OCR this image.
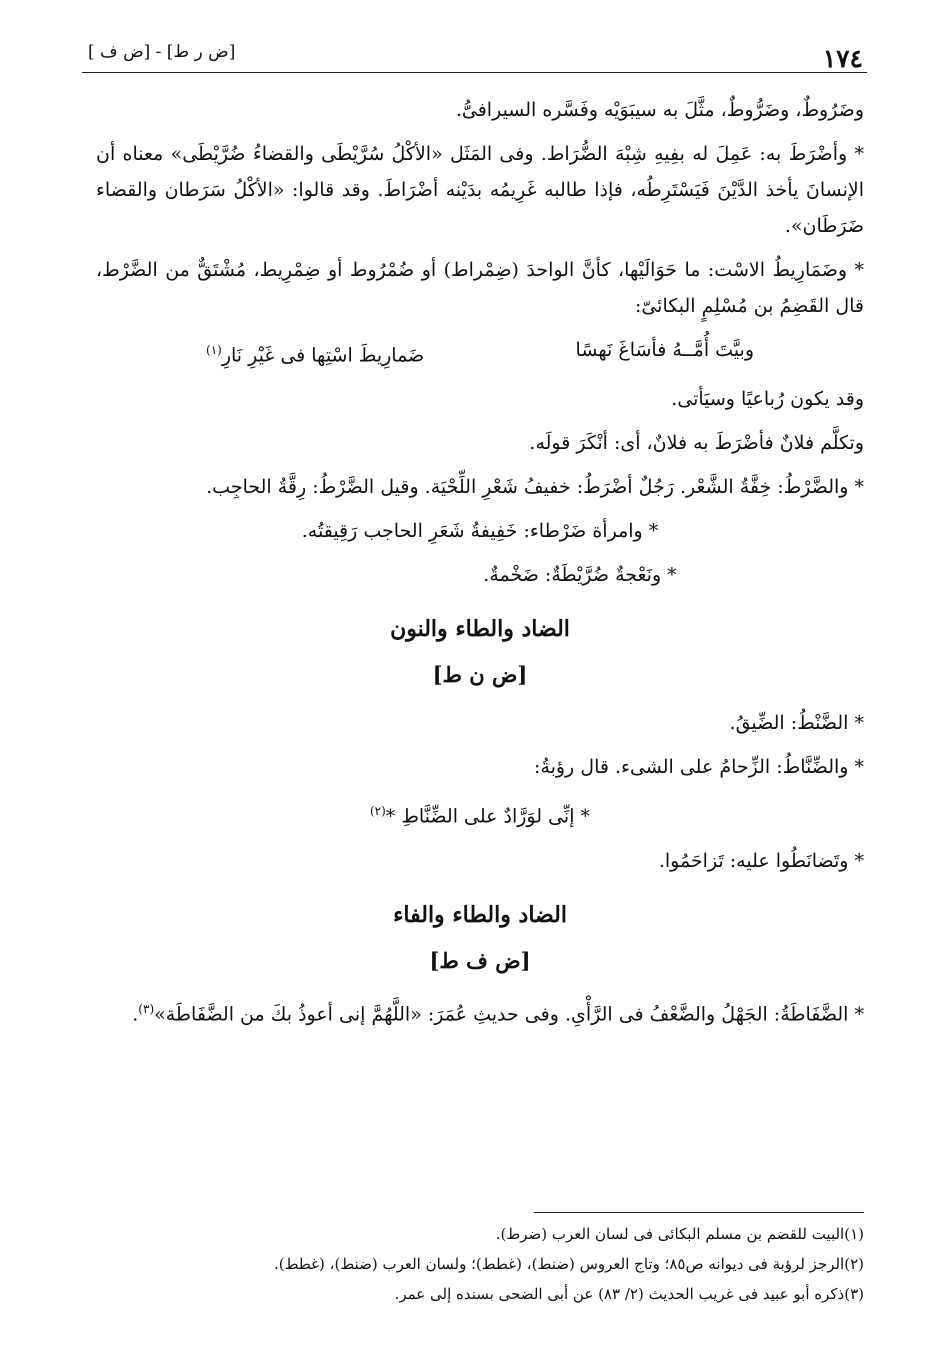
١٧٤
[ض ر ط] - [ض ف ]

وضَرُوطٌ، وضَرُّوطٌ، مثَّلَ به سيبَوَيْه وفَسَّره السيرافىُّ.

* وأضْرَطَ به: عَمِلَ له بفِيهِ شِبْهَ الضُّرَاط. وفى المَثَل «الأكْلُ سُرَّيْطَى والقضاءُ ضُرَّيْطَى» معناه أن الإنسانَ يأخذ الدَّيْنَ فَيَسْتَرِطُه، فإذا طالبه غَرِيمُه بدَيْنه أضْرَاطَ. وقد قالوا: «الأكْلُ سَرَطان والقضاء ضَرَطَان».

* وضَمَارِيطُ الاسْت: ما حَوَالَيْها، كأنَّ الواحدَ (ضِمْراط) أو ضُمْرُوط أو ضِمْرِيط، مُشْتَقٌّ من الضَّرْط، قال القَضِمُ بن مُسْلِمٍ البكائىّ:

وبيَّتَ أُمَّــهُ فأسَاغَ نَهسًا
ضَمارِيطَ اسْتِها فى غَيْرِ نَارِ$^{(١)}$

وقد يكون رُباعيًا وسيَأتى.

وتكلَّم فلانٌ فأضْرَطَ به فلانٌ، أى: أنْكَرَ قولَه.

* والضَّرْطُ: خِفَّةُ الشَّعْر. رَجُلٌ أضْرَطُ: خفيفُ شَعْرِ اللِّحْيَة. وقيل الضَّرْطُ: رِقَّةُ الحاجِب.

* وامرأة ضَرْطاء: خَفِيفةُ شَعَرِ الحاجب رَقِيقتُه.

* ونَعْجةٌ ضُرَّيْطَةٌ: ضَخْمةٌ.

الضاد والطاء والنون
[ض ن ط]

* الضَّنْطُ: الضِّيقُ.

* والضِّنَّاطُ: الزِّحامُ على الشىء. قال رؤبةُ:

* إنِّى لوَرَّادٌ على الضِّنَّاطِ *$^{(٢)}$

* وتَضانَطُوا عليه: تَزاحَمُوا.

الضاد والطاء والفاء
[ض ف ط]

* الضَّفَاطَةُ: الجَهْلُ والضَّعْفُ فى الرَّأْىِ. وفى حديثِ عُمَرَ: «اللَّهُمَّ إنى أعوذُ بكَ من الضَّفَاطَة»$^{(٣)}$.

(١)البيت للقضم بن مسلم البكائى فى لسان العرب (ضرط).
(٢)الرجز لرؤبة فى ديوانه ص٨٥؛ وتاج العروس (ضنط)، (غطط)؛ ولسان العرب (ضنط)، (غطط).
(٣)ذكره أبو عبيد فى غريب الحديث (٢/ ٨٣) عن أبى الضحى بسنده إلى عمر.
